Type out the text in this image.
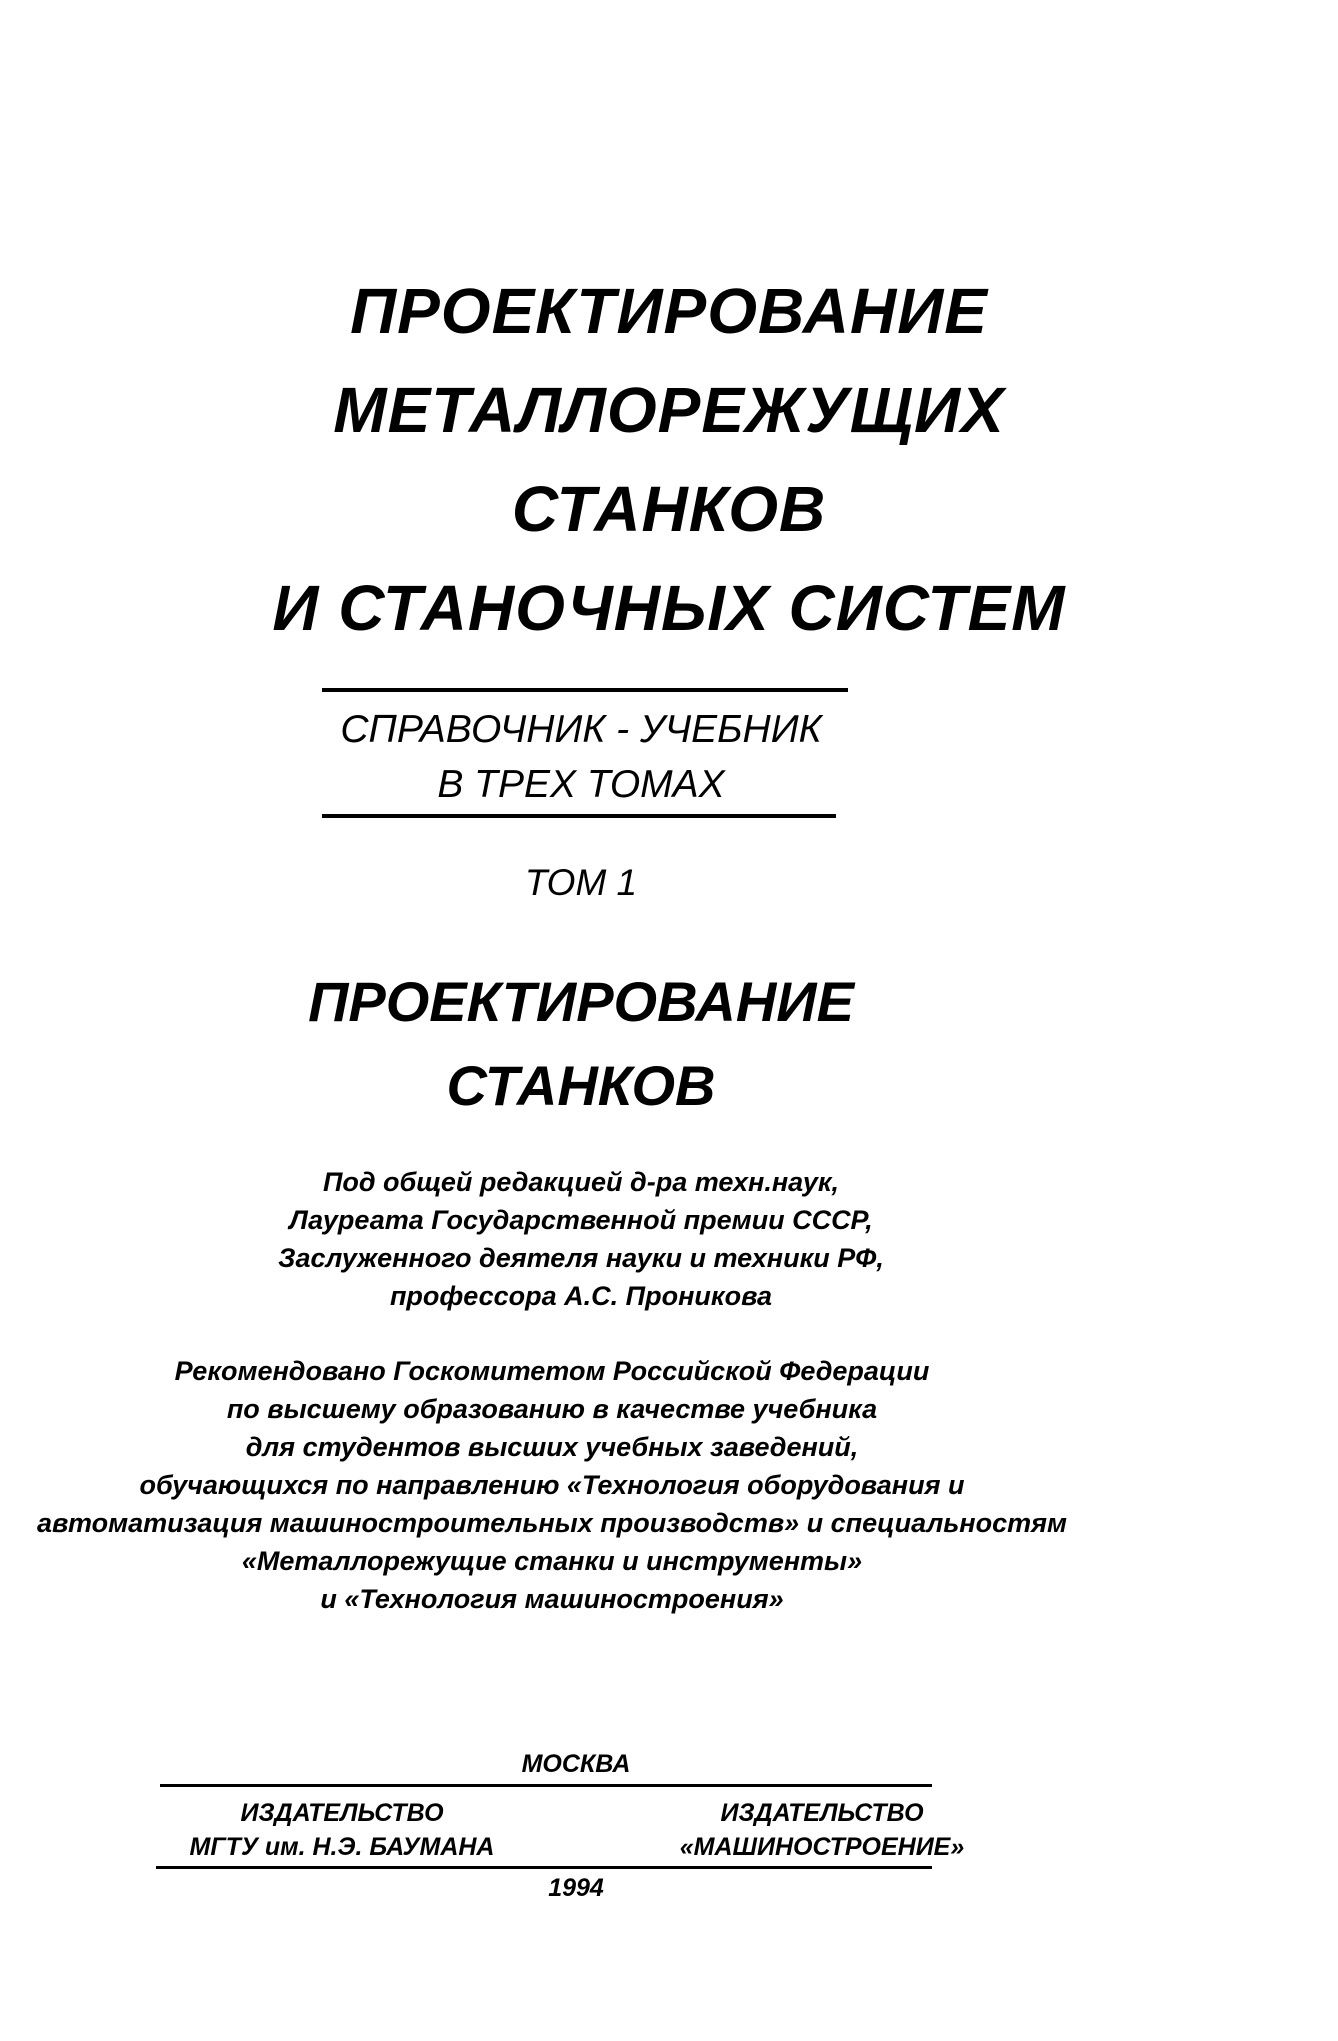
ПРОЕКТИРОВАНИЕ
МЕТАЛЛОРЕЖУЩИХ
СТАНКОВ
И СТАНОЧНЫХ СИСТЕМ
СПРАВОЧНИК - УЧЕБНИК
В ТРЕХ ТОМАХ
ТОМ 1
ПРОЕКТИРОВАНИЕ
СТАНКОВ
Под общей редакцией д-ра техн.наук,
Лауреата Государственной премии СССР,
Заслуженного деятеля науки и техники РФ,
профессора А.С. Проникова
Рекомендовано Госкомитетом Российской Федерации
по высшему образованию в качестве учебника
для студентов высших учебных заведений,
обучающихся по направлению «Технология оборудования и
автоматизация машиностроительных производств» и специальностям
«Металлорежущие станки и инструменты»
и «Технология машиностроения»
МОСКВА
ИЗДАТЕЛЬСТВО
МГТУ им. Н.Э. БАУМАНА
ИЗДАТЕЛЬСТВО
«МАШИНОСТРОЕНИЕ»
1994
